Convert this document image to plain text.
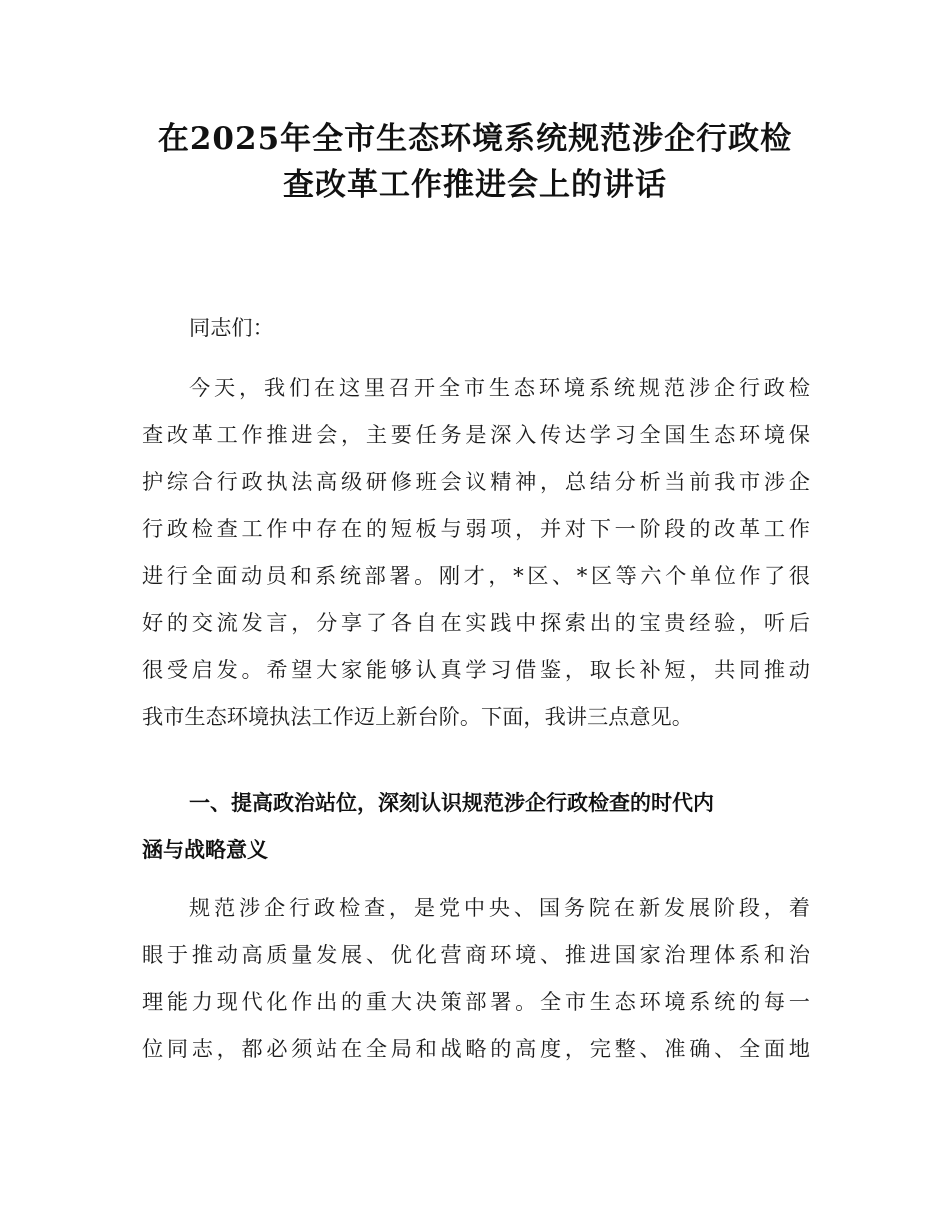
在2025年全市生态环境系统规范涉企行政检
查改革工作推进会上的讲话

同志们：

今天，我们在这里召开全市生态环境系统规范涉企行政检
查改革工作推进会，主要任务是深入传达学习全国生态环境保
护综合行政执法高级研修班会议精神，总结分析当前我市涉企
行政检查工作中存在的短板与弱项，并对下一阶段的改革工作
进行全面动员和系统部署。刚才，*区、*区等六个单位作了很
好的交流发言，分享了各自在实践中探索出的宝贵经验，听后
很受启发。希望大家能够认真学习借鉴，取长补短，共同推动
我市生态环境执法工作迈上新台阶。下面，我讲三点意见。

一、提高政治站位，深刻认识规范涉企行政检查的时代内
涵与战略意义

规范涉企行政检查，是党中央、国务院在新发展阶段，着
眼于推动高质量发展、优化营商环境、推进国家治理体系和治
理能力现代化作出的重大决策部署。全市生态环境系统的每一
位同志，都必须站在全局和战略的高度，完整、准确、全面地
